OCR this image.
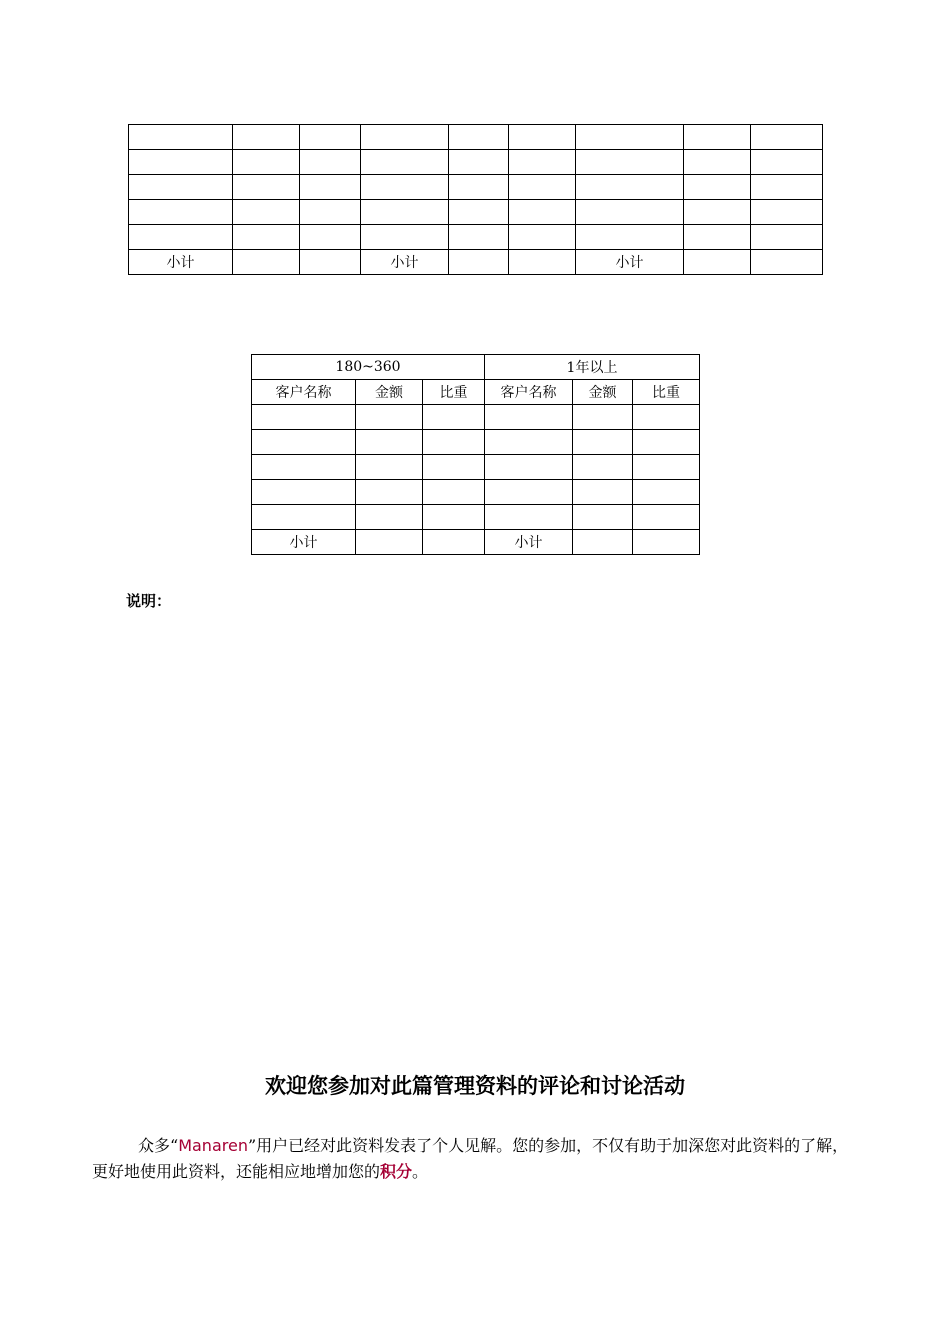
小计			小计			小计		
180~360			1年以上		
客户名称	金额	比重	客户名称	金额	比重

小计			小计		
说明：
欢迎您参加对此篇管理资料的评论和讨论活动
众多“Manaren”用户已经对此资料发表了个人见解。您的参加，不仅有助于加深您对此资料的了解，更好地使用此资料，还能相应地增加您的积分。
